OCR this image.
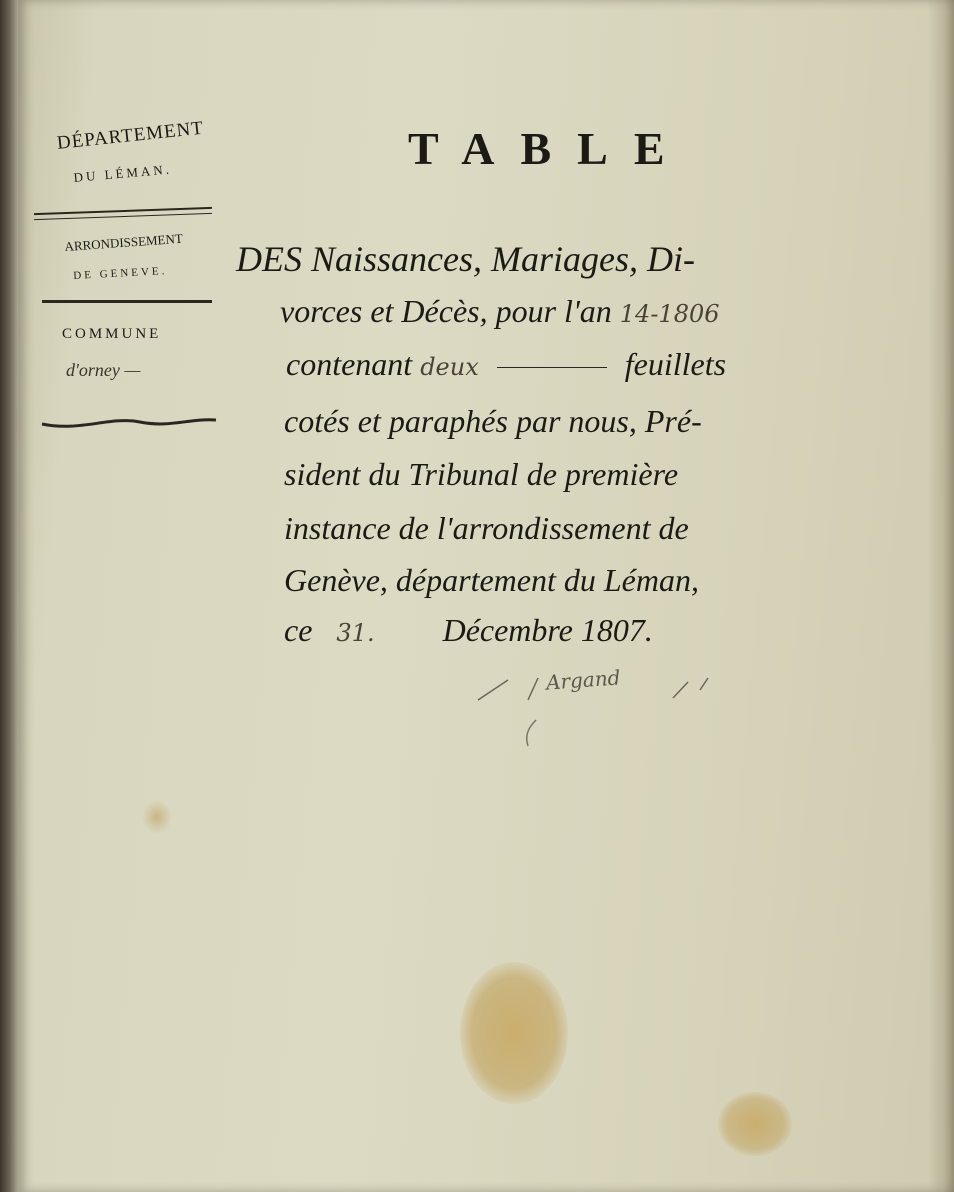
DÉPARTEMENT
DU LÉMAN.
ARRONDISSEMENT
DE GENEVE.
COMMUNE
d'orney —
TABLE
DES Naissances, Mariages, Di-
vorces et Décès, pour l'an 14-1806
contenant deux	feuillets
cotés et paraphés par nous, Pré-
sident du Tribunal de première
instance de l'arrondissement de
Genève, département du Léman,
ce 31. Décembre 1807.
Argand
